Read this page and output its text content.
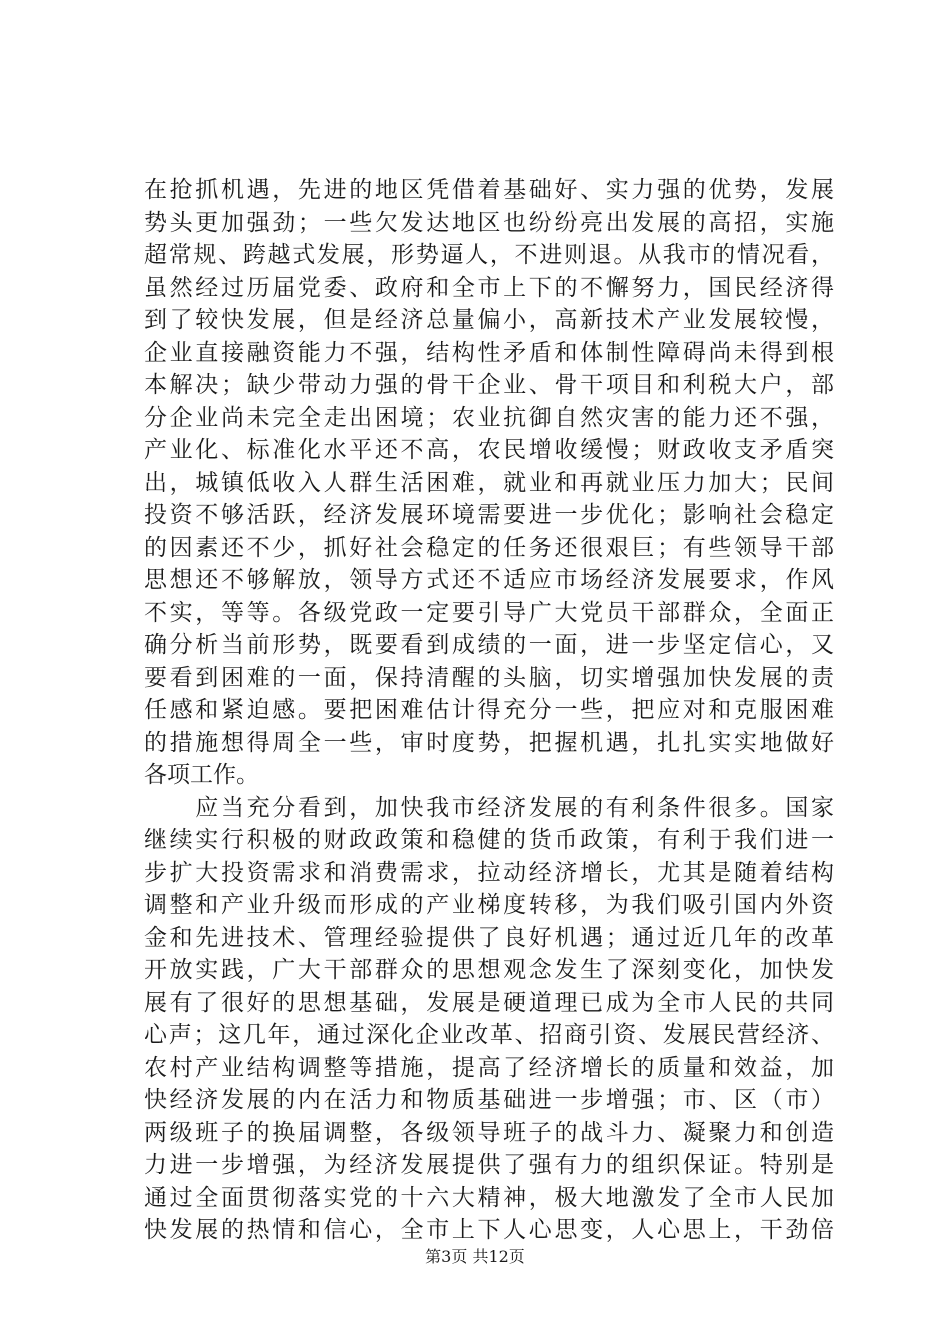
在抢抓机遇，先进的地区凭借着基础好、实力强的优势，发展
势头更加强劲；一些欠发达地区也纷纷亮出发展的高招，实施
超常规、跨越式发展，形势逼人，不进则退。从我市的情况看，
虽然经过历届党委、政府和全市上下的不懈努力，国民经济得
到了较快发展，但是经济总量偏小，高新技术产业发展较慢，
企业直接融资能力不强，结构性矛盾和体制性障碍尚未得到根
本解决；缺少带动力强的骨干企业、骨干项目和利税大户，部
分企业尚未完全走出困境；农业抗御自然灾害的能力还不强，
产业化、标准化水平还不高，农民增收缓慢；财政收支矛盾突
出，城镇低收入人群生活困难，就业和再就业压力加大；民间
投资不够活跃，经济发展环境需要进一步优化；影响社会稳定
的因素还不少，抓好社会稳定的任务还很艰巨；有些领导干部
思想还不够解放，领导方式还不适应市场经济发展要求，作风
不实，等等。各级党政一定要引导广大党员干部群众，全面正
确分析当前形势，既要看到成绩的一面，进一步坚定信心，又
要看到困难的一面，保持清醒的头脑，切实增强加快发展的责
任感和紧迫感。要把困难估计得充分一些，把应对和克服困难
的措施想得周全一些，审时度势，把握机遇，扎扎实实地做好
各项工作。
　　应当充分看到，加快我市经济发展的有利条件很多。国家
继续实行积极的财政政策和稳健的货币政策，有利于我们进一
步扩大投资需求和消费需求，拉动经济增长，尤其是随着结构
调整和产业升级而形成的产业梯度转移，为我们吸引国内外资
金和先进技术、管理经验提供了良好机遇；通过近几年的改革
开放实践，广大干部群众的思想观念发生了深刻变化，加快发
展有了很好的思想基础，发展是硬道理已成为全市人民的共同
心声；这几年，通过深化企业改革、招商引资、发展民营经济、
农村产业结构调整等措施，提高了经济增长的质量和效益，加
快经济发展的内在活力和物质基础进一步增强；市、区（市）
两级班子的换届调整，各级领导班子的战斗力、凝聚力和创造
力进一步增强，为经济发展提供了强有力的组织保证。特别是
通过全面贯彻落实党的十六大精神，极大地激发了全市人民加
快发展的热情和信心，全市上下人心思变，人心思上，干劲倍
第3页 共12页
